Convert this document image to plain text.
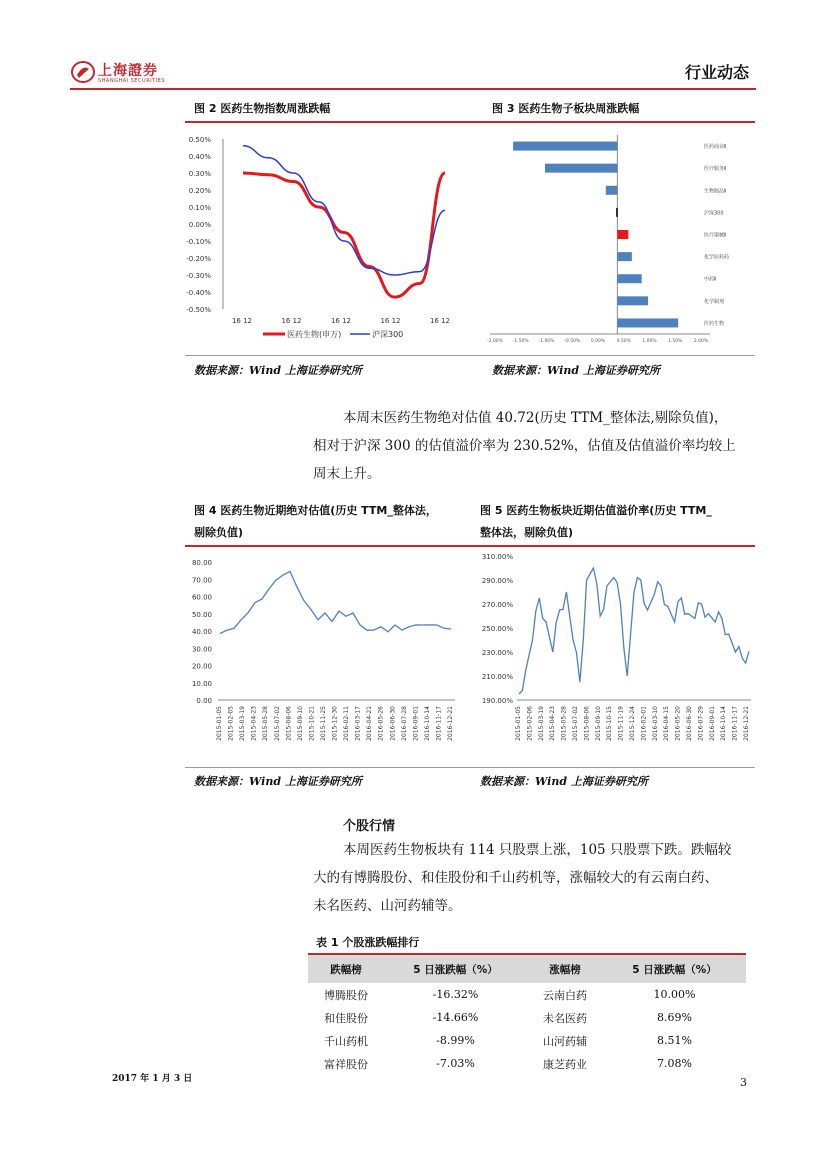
上海證券
SHANGHAI SECURITIES	行业动态
图 2 医药生物指数周涨跌幅	图 3 医药生物子板块周涨跌幅
0.50%
0.40%
0.30%
0.20%
0.10%
0.00%
-0.10%
-0.20%
-0.30%
-0.40%
-0.50%
16 12	16 12	16 12	16 12	16 12
医药生物(申万)	沪深300
-2.00% -1.50% -1.00% -0.50% 0.00%	0.50%	1.00%	1.50%	2.00%
医药商业Ⅱ
医疗服务Ⅱ
生物制品Ⅱ
沪深300
医疗器械Ⅱ
化学原料药
中药Ⅱ
化学制剂
医药生物
数据来源：Wind 上海证券研究所	数据来源：Wind 上海证券研究所
本周末医药生物绝对估值 40.72(历史 TTM_整体法,剔除负值)，
相对于沪深 300 的估值溢价率为 230.52%，估值及估值溢价率均较上
周末上升。
图 4 医药生物近期绝对估值(历史 TTM_整体法，
剔除负值)
图 5 医药生物板块近期估值溢价率(历史 TTM_
整体法，剔除负值)
80.00
70.00
60.00
50.00
40.00
30.00
20.00
10.00
0.00
2015-01-05 2015-02-05 2015-03-19 2015-04-23 2015-05-28 2015-07-02 2015-08-06 2015-09-10 2015-10-21 2015-11-25 2015-12-30 2016-02-11 2016-03-17 2016-04-21 2016-05-26 2016-06-30 2016-07-28 2016-09-01 2016-10-14 2016-11-17 2016-12-21
310.00%
290.00%
270.00%
250.00%
230.00%
210.00%
190.00%
2015-01-05 2015-02-06 2015-03-19 2015-04-23 2015-05-28 2015-07-02 2015-08-06 2015-09-10 2015-10-15 2015-11-19 2015-12-24 2016-02-01 2016-03-10 2016-04-15 2016-05-20 2016-06-30 2016-07-29 2016-09-01 2016-10-14 2016-11-17 2016-12-21
数据来源：Wind 上海证券研究所	数据来源：Wind 上海证券研究所
个股行情
本周医药生物板块有 114 只股票上涨，105 只股票下跌。跌幅较
大的有博腾股份、和佳股份和千山药机等，涨幅较大的有云南白药、
未名医药、山河药辅等。
表 1 个股涨跌幅排行
跌幅榜	5 日涨跌幅（%）	涨幅榜	5 日涨跌幅（%）
博腾股份	-16.32%	云南白药	10.00%
和佳股份	-14.66%	未名医药	8.69%
千山药机	-8.99%	山河药辅	8.51%
富祥股份	-7.03%	康芝药业	7.08%
2017 年 1 月 3 日	3
